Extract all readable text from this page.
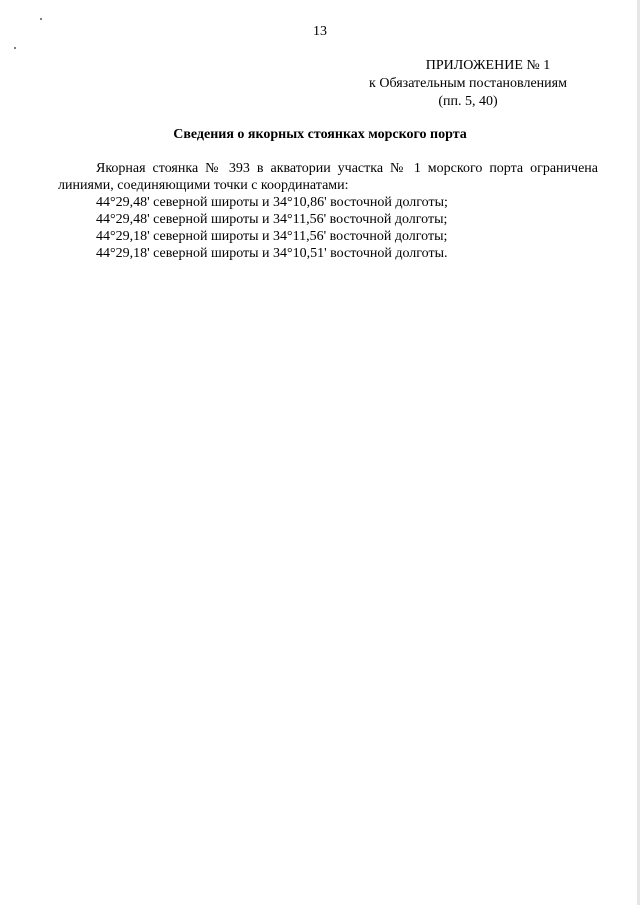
13
ПРИЛОЖЕНИЕ № 1
к Обязательным постановлениям
(пп. 5, 40)
Сведения о якорных стоянках морского порта
Якорная стоянка № 393 в акватории участка № 1 морского порта ограничена линиями, соединяющими точки с координатами:
44°29,48' северной широты и 34°10,86' восточной долготы;
44°29,48' северной широты и 34°11,56' восточной долготы;
44°29,18' северной широты и 34°11,56' восточной долготы;
44°29,18' северной широты и 34°10,51' восточной долготы.
